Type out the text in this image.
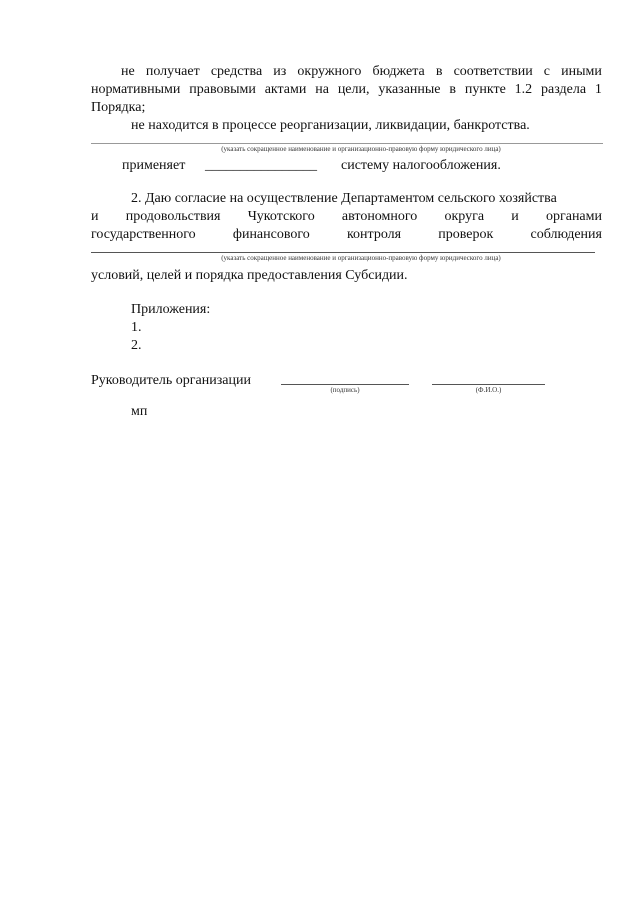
не получает средства из окружного бюджета в соответствии с иными
нормативными правовыми актами на цели, указанные в пункте 1.2 раздела 1
Порядка;
не находится в процессе реорганизации, ликвидации, банкротства.
(указать сокращенное наименование и организационно-правовую форму юридического лица)
применяет ________________ систему налогообложения.
2. Даю согласие на осуществление Департаментом сельского хозяйства
и продовольствия Чукотского автономного округа и органами
государственного	финансового	контроля	проверок	соблюдения
(указать сокращенное наименование и организационно-правовую форму юридического лица)
условий, целей и порядка предоставления Субсидии.
Приложения:
1.
2.
Руководитель организации
(подпись)	(Ф.И.О.)
мп
